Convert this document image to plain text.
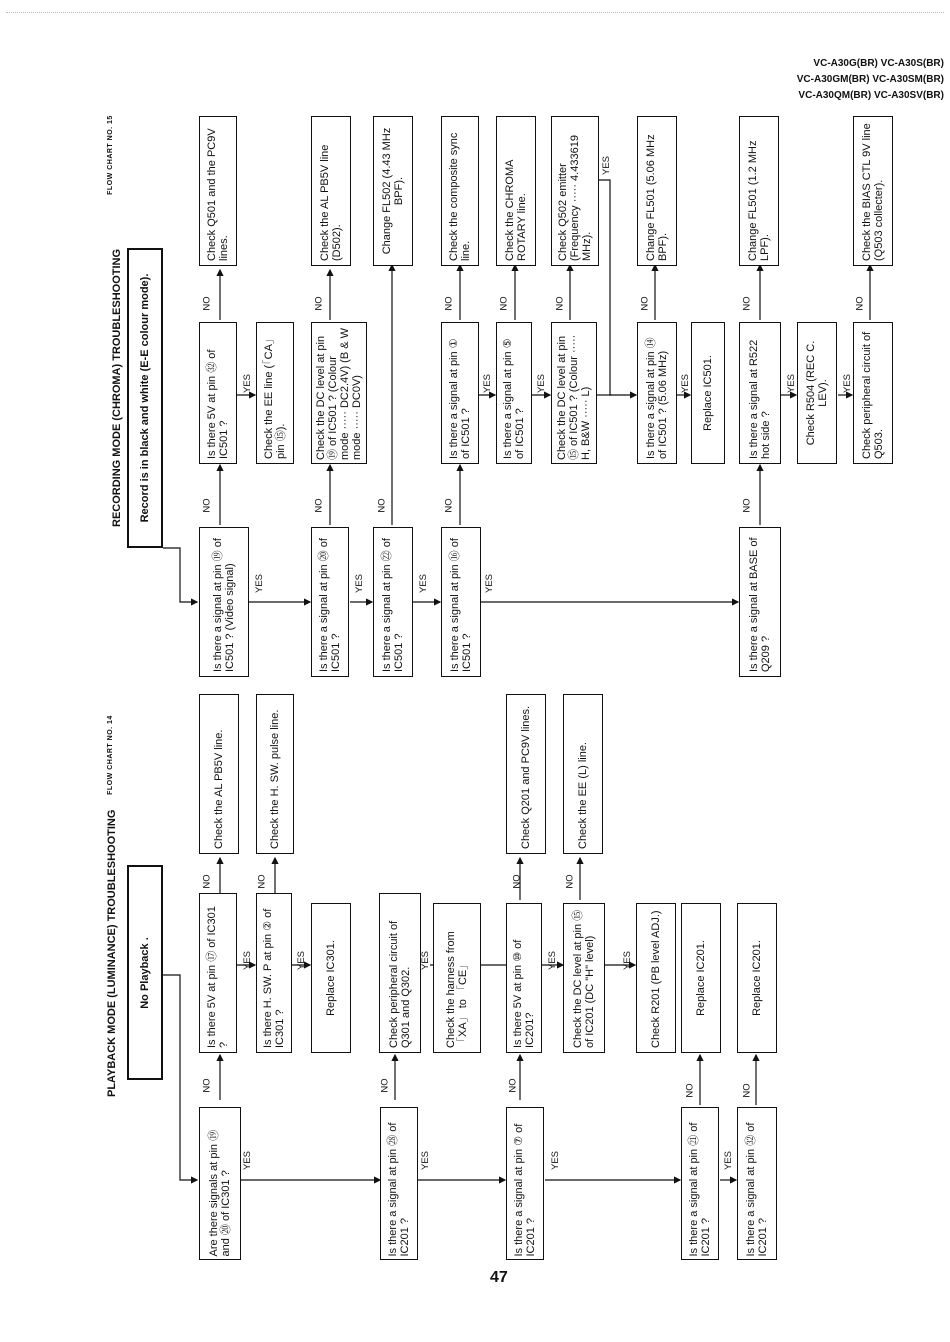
VC-A30G(BR) VC-A30S(BR)
VC-A30GM(BR) VC-A30SM(BR)
VC-A30QM(BR) VC-A30SV(BR)
PLAYBACK MODE (LUMINANCE) TROUBLESHOOTING
FLOW CHART NO. 14
No Playback .
Are there signals at pin ⑲ and ⑳ of IC301 ?
Is there 5V at pin ⑰ of IC301 ?
Check the AL PB5V line.
Is there H. SW. P at pin ② of IC301 ?
Check the H. SW. pulse line.
Replace IC301.
Is there a signal at pin ㉘ of IC201 ?
Check peripheral circuit of Q301 and Q302.	Check the harness from 「XA」 to 「CE」
Is there a signal at pin ⑦ of IC201 ?
Is there 5V at pin ⑩ of IC201?
Check Q201 and PC9V lines.
Check the DC level at pin ⑮ of IC201 (DC "H" level)
Check the EE (L) line.
Check R201 (PB level ADJ.)
Is there a signal at pin ㉑ of IC201 ?
Replace IC201.
Is there a signal at pin ㉜ of IC201 ?
Replace IC201.
NO
YES
NO
YES
NO
YES
NO
YES
YES
NO
YES
NO
YES
NO
YES
NO
YES
NO
RECORDING MODE (CHROMA) TROUBLESHOOTING
FLOW CHART NO. 15
Record is in black and white (E-E colour mode).
Is there a signal at pin ⑲ of IC501 ? (Video signal)
Is there 5V at pin ㉜ of IC501 ?
Check Q501 and the PC9V lines.
Check the EE line (「CA」 pin ⑮).
Is there a signal at pin ⑳ of IC501 ?
Check the DC level at pin ⑲ of IC501 ? (Colour mode ····· DC2.4V) (B & W mode ····· DC0V)
Check the AL PB5V line (D502).
Is there a signal at pin ㉒ of IC501 ?
Change FL502 (4.43 MHz BPF).
Is there a signal at pin ⑯ of IC501 ?
Is there a signal at pin ① of IC501 ?
Check the composite sync line.
Is there a signal at pin ⑤ of IC501 ?
Check the CHROMA ROTARY line.
Check the DC level at pin ⑮ of IC501 ? (Colour ····· H, B&W ····· L)
Check Q502 emitter (Frequency ····· 4.433619 MHz).
Is there a signal at pin ⑭ of IC501 ? (5.06 MHz)
Change FL501 (5.06 MHz BPF).
Replace IC501.
Is there a signal at BASE of Q209 ?
Is there a signal at R522 hot side ?
Change FL501 (1.2 MHz LPF).
Check R504 (REC C. LEV).
Check the BIAS CTL 9V line (Q503 collecter).
Check peripheral circuit of Q503.
NO
YES
NO
YES
NO
YES
NO
NO
YES
NO
YES
NO
YES
NO
YES
NO
YES
NO
YES
NO
NO
YES	YES
NO
47
